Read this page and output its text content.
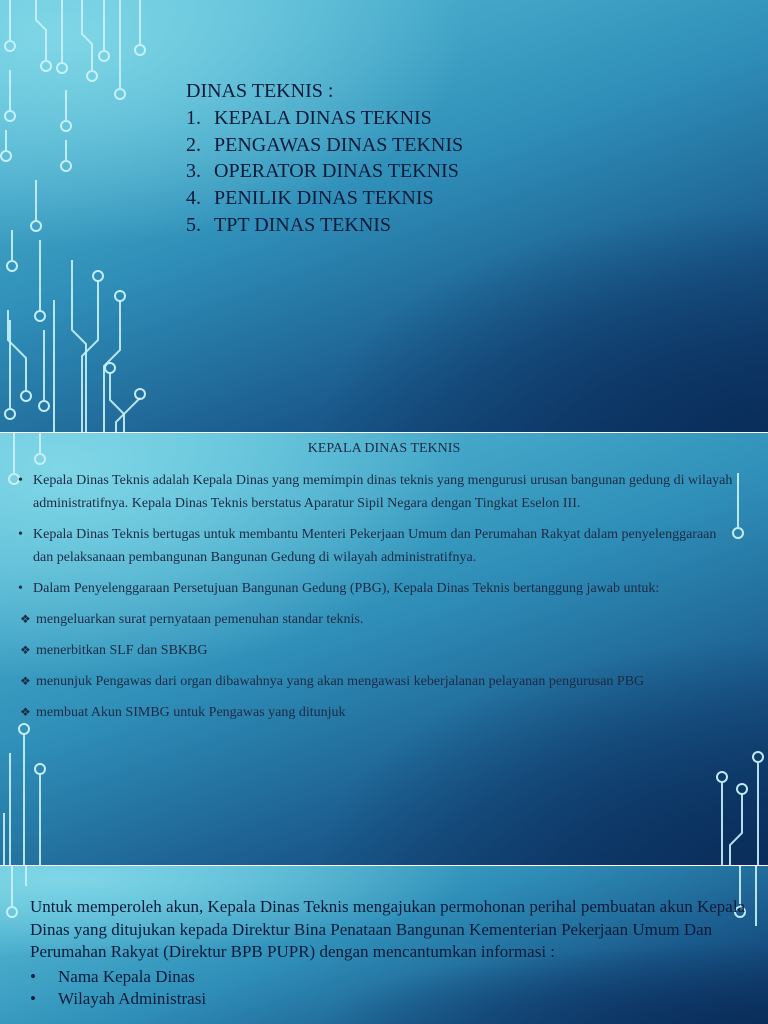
DINAS TEKNIS :
1. KEPALA DINAS TEKNIS
2. PENGAWAS DINAS TEKNIS
3. OPERATOR DINAS TEKNIS
4. PENILIK DINAS TEKNIS
5. TPT DINAS TEKNIS
KEPALA DINAS TEKNIS
• Kepala Dinas Teknis adalah Kepala Dinas yang memimpin dinas teknis yang mengurusi urusan bangunan gedung di wilayah administratifnya. Kepala Dinas Teknis berstatus Aparatur Sipil Negara dengan Tingkat Eselon III.
• Kepala Dinas Teknis bertugas untuk membantu Menteri Pekerjaan Umum dan Perumahan Rakyat dalam penyelenggaraan dan pelaksanaan pembangunan Bangunan Gedung di wilayah administratifnya.
• Dalam Penyelenggaraan Persetujuan Bangunan Gedung (PBG), Kepala Dinas Teknis bertanggung jawab untuk:
❖ mengeluarkan surat pernyataan pemenuhan standar teknis.
❖ menerbitkan SLF dan SBKBG
❖ menunjuk Pengawas dari organ dibawahnya yang akan mengawasi keberjalanan pelayanan pengurusan PBG
❖ membuat Akun SIMBG untuk Pengawas yang ditunjuk
Untuk memperoleh akun, Kepala Dinas Teknis mengajukan permohonan perihal pembuatan akun Kepala Dinas yang ditujukan kepada Direktur Bina Penataan Bangunan Kementerian Pekerjaan Umum Dan Perumahan Rakyat (Direktur BPB PUPR) dengan mencantumkan informasi :
•	Nama Kepala Dinas
•	Wilayah Administrasi
